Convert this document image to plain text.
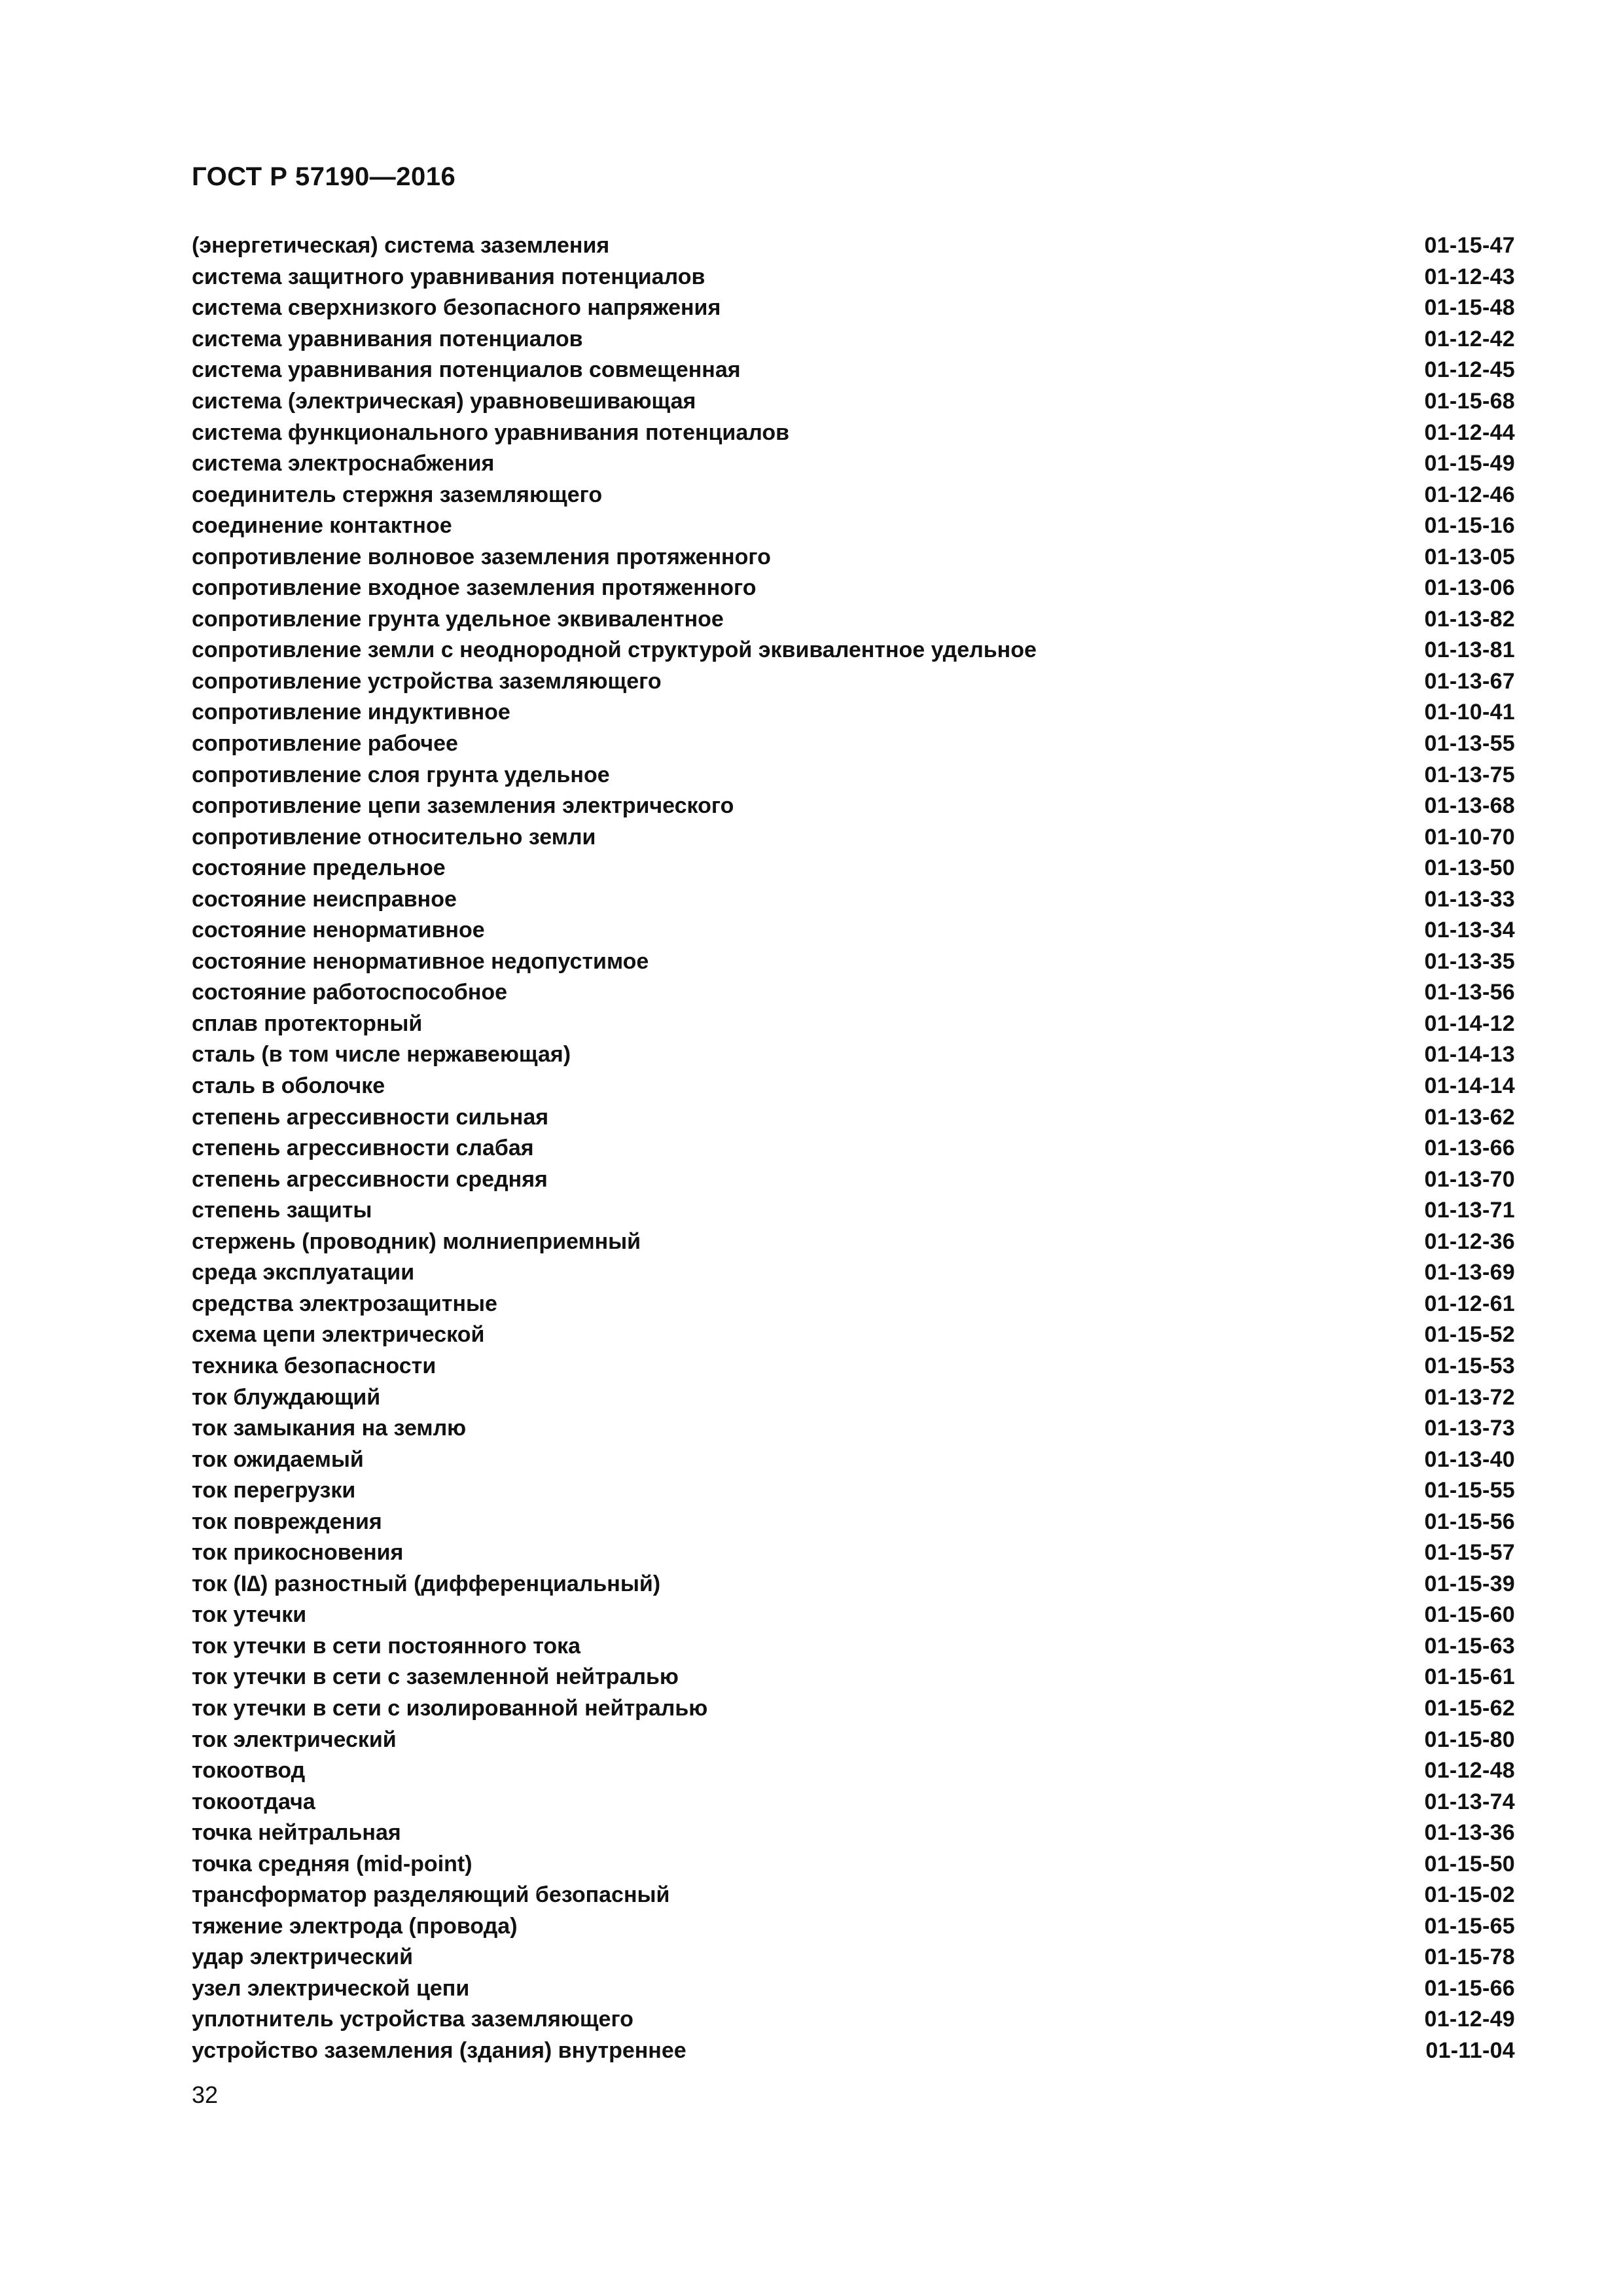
ГОСТ Р 57190—2016
(энергетическая) система заземления	01-15-47
система защитного уравнивания потенциалов	01-12-43
система сверхнизкого безопасного напряжения	01-15-48
система уравнивания потенциалов	01-12-42
система уравнивания потенциалов совмещенная	01-12-45
система (электрическая) уравновешивающая	01-15-68
система функционального уравнивания потенциалов	01-12-44
система электроснабжения	01-15-49
соединитель стержня заземляющего	01-12-46
соединение контактное	01-15-16
сопротивление волновое заземления протяженного	01-13-05
сопротивление входное заземления протяженного	01-13-06
сопротивление грунта удельное эквивалентное	01-13-82
сопротивление земли с неоднородной структурой эквивалентное удельное	01-13-81
сопротивление устройства заземляющего	01-13-67
сопротивление индуктивное	01-10-41
сопротивление рабочее	01-13-55
сопротивление слоя грунта удельное	01-13-75
сопротивление цепи заземления электрического	01-13-68
сопротивление относительно земли	01-10-70
состояние предельное	01-13-50
состояние неисправное	01-13-33
состояние ненормативное	01-13-34
состояние ненормативное недопустимое	01-13-35
состояние работоспособное	01-13-56
сплав протекторный	01-14-12
сталь (в том числе нержавеющая)	01-14-13
сталь в оболочке	01-14-14
степень агрессивности сильная	01-13-62
степень агрессивности слабая	01-13-66
степень агрессивности средняя	01-13-70
степень защиты	01-13-71
стержень (проводник) молниеприемный	01-12-36
среда эксплуатации	01-13-69
средства электрозащитные	01-12-61
схема цепи электрической	01-15-52
техника безопасности	01-15-53
ток блуждающий	01-13-72
ток замыкания на землю	01-13-73
ток ожидаемый	01-13-40
ток перегрузки	01-15-55
ток повреждения	01-15-56
ток прикосновения	01-15-57
ток (I∆) разностный (дифференциальный)	01-15-39
ток утечки	01-15-60
ток утечки в сети постоянного тока	01-15-63
ток утечки в сети с заземленной нейтралью	01-15-61
ток утечки в сети с изолированной нейтралью	01-15-62
ток электрический	01-15-80
токоотвод	01-12-48
токоотдача	01-13-74
точка нейтральная	01-13-36
точка средняя (mid-point)	01-15-50
трансформатор разделяющий безопасный	01-15-02
тяжение электрода (провода)	01-15-65
удар электрический	01-15-78
узел электрической цепи	01-15-66
уплотнитель устройства заземляющего	01-12-49
устройство заземления (здания) внутреннее	01-11-04
32
